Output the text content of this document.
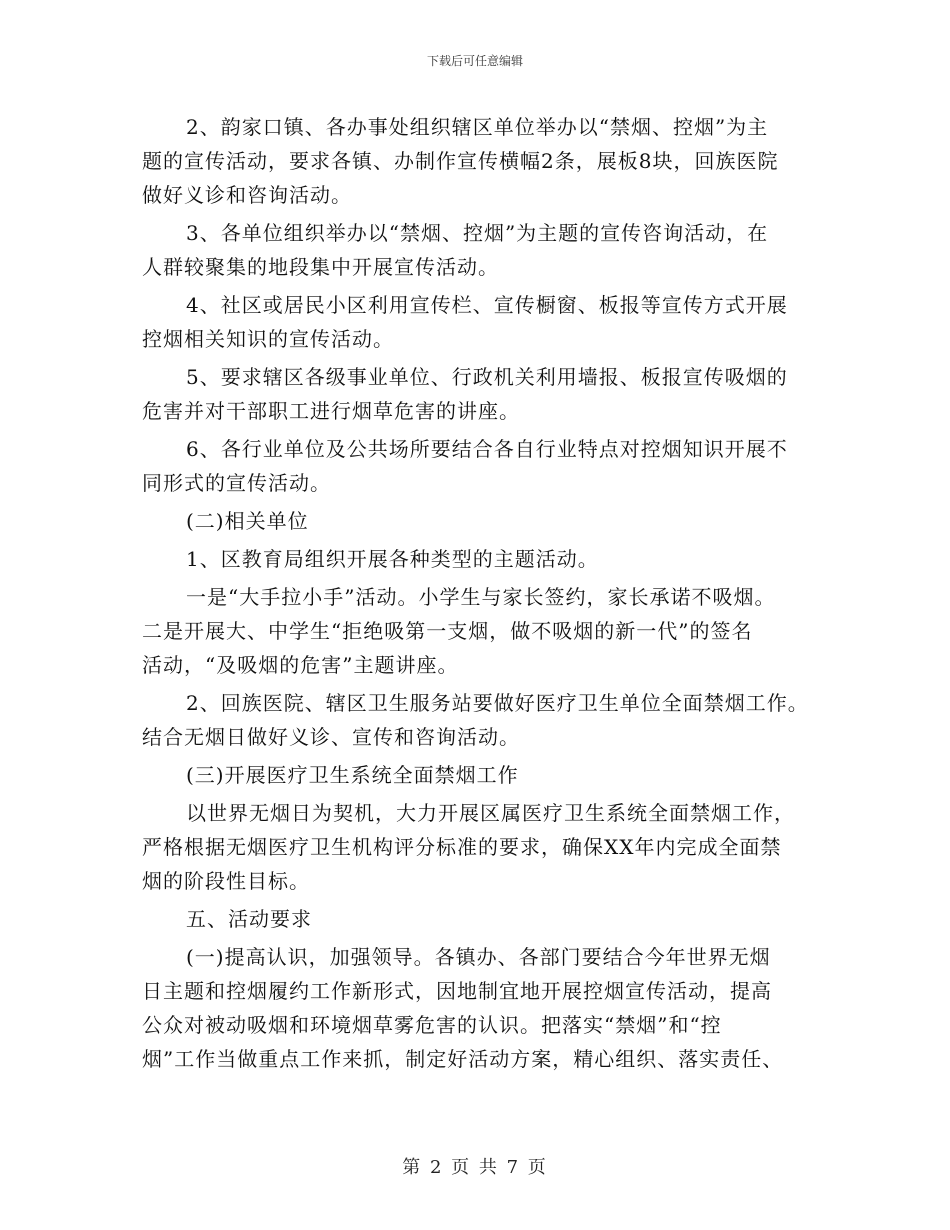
下载后可任意编辑

2、韵家口镇、各办事处组织辖区单位举办以“禁烟、控烟”为主
题的宣传活动，要求各镇、办制作宣传横幅2条，展板8块，回族医院
做好义诊和咨询活动。

3、各单位组织举办以“禁烟、控烟”为主题的宣传咨询活动，在
人群较聚集的地段集中开展宣传活动。

4、社区或居民小区利用宣传栏、宣传橱窗、板报等宣传方式开展
控烟相关知识的宣传活动。

5、要求辖区各级事业单位、行政机关利用墙报、板报宣传吸烟的
危害并对干部职工进行烟草危害的讲座。

6、各行业单位及公共场所要结合各自行业特点对控烟知识开展不
同形式的宣传活动。

(二)相关单位

1、区教育局组织开展各种类型的主题活动。

一是“大手拉小手”活动。小学生与家长签约，家长承诺不吸烟。
二是开展大、中学生“拒绝吸第一支烟，做不吸烟的新一代”的签名
活动，“及吸烟的危害”主题讲座。

2、回族医院、辖区卫生服务站要做好医疗卫生单位全面禁烟工作。
结合无烟日做好义诊、宣传和咨询活动。

(三)开展医疗卫生系统全面禁烟工作

以世界无烟日为契机，大力开展区属医疗卫生系统全面禁烟工作，
严格根据无烟医疗卫生机构评分标准的要求，确保XX年内完成全面禁
烟的阶段性目标。

五、活动要求

(一)提高认识，加强领导。各镇办、各部门要结合今年世界无烟
日主题和控烟履约工作新形式，因地制宜地开展控烟宣传活动，提高
公众对被动吸烟和环境烟草雾危害的认识。把落实“禁烟”和“控
烟”工作当做重点工作来抓，制定好活动方案，精心组织、落实责任、

第 2 页 共 7 页
